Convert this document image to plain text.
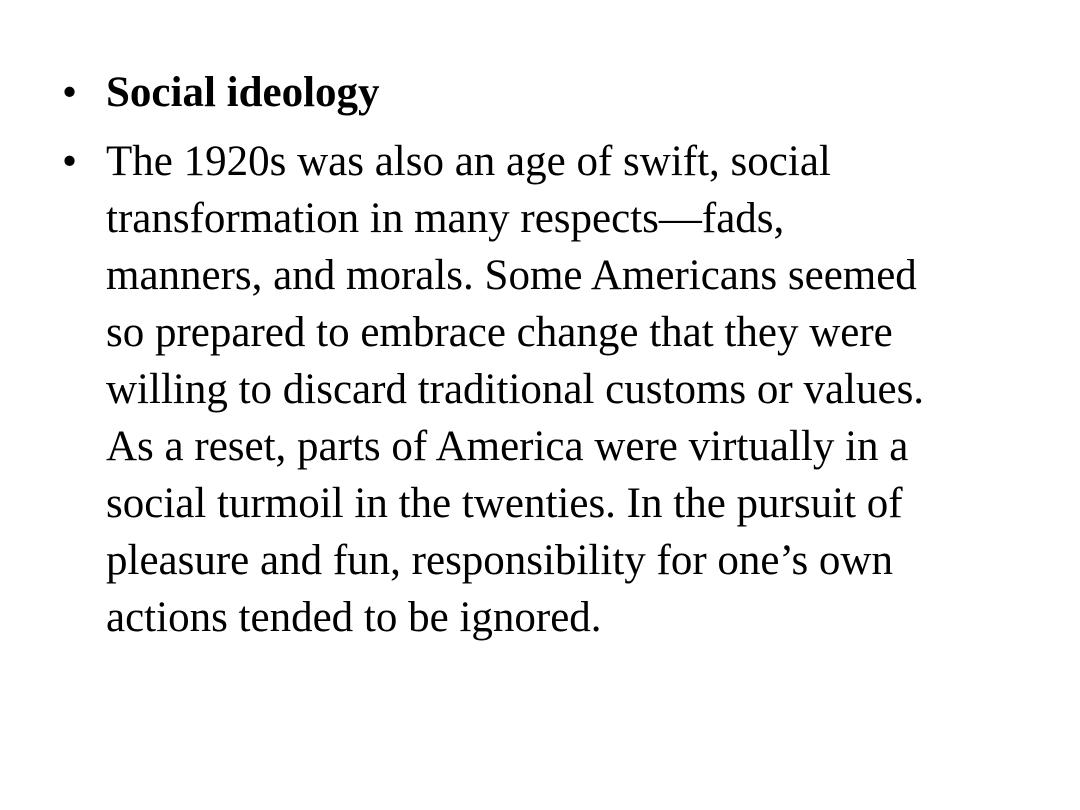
• Social ideology
• The 1920s was also an age of swift, social
transformation in many respects—fads,
manners, and morals. Some Americans seemed
so prepared to embrace change that they were
willing to discard traditional customs or values.
As a reset, parts of America were virtually in a
social turmoil in the twenties. In the pursuit of
pleasure and fun, responsibility for one’s own
actions tended to be ignored.
